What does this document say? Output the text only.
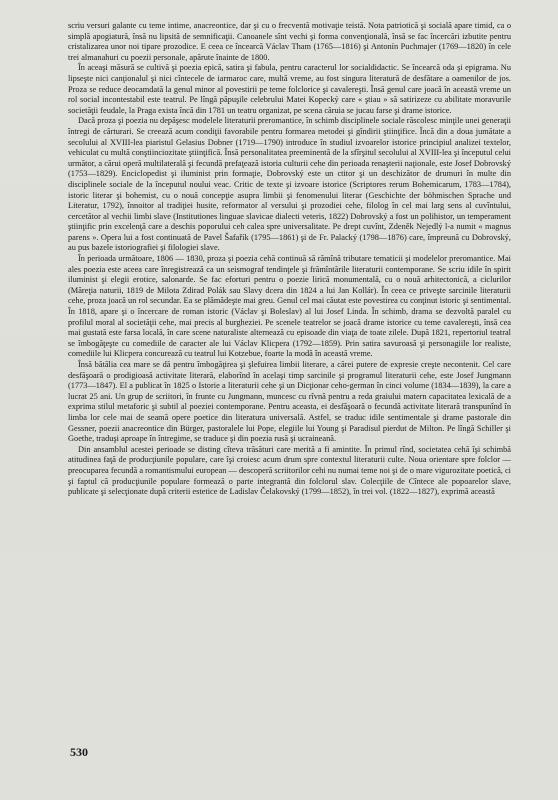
scriu versuri galante cu teme intime, anacreontice, dar şi cu o frecventă motivaţie teistă. Nota patriotică şi socială apare timid, ca o simplă apogiatură, însă nu lipsită de semnificaţii. Canoanele sînt vechi şi forma convenţională, însă se fac încercări izbutite pentru cristalizarea unor noi tipare prozodice. E ceea ce încearcă Václav Tham (1765—1816) şi Antonín Puchmajer (1769—1820) în cele trei almanahuri cu poezii personale, apărute înainte de 1800.

În aceaşi măsură se cultivă şi poezia epică, satira şi fabula, pentru caracterul lor socialdidactic. Se încearcă oda şi epigrama. Nu lipseşte nici canţionalul şi nici cîntecele de iarmaroc care, multă vreme, au fost singura literatură de desfătare a oamenilor de jos. Proza se reduce deocamdată la genul minor al povestirii pe teme folclorice şi cavalereşti. Însă genul care joacă în această vreme un rol social incontestabil este teatrul. Pe lîngă păpuşile celebrului Matei Kopecký care « ştiau » să satirizeze cu abilitate moravurile societăţii feudale, la Praga exista încă din 1781 un teatru organizat, pe scena căruia se jucau farse şi drame istorice.

Dacă proza şi poezia nu depăşesc modelele literaturii preromantice, în schimb disciplinele sociale răscolesc minţile unei generaţii întregi de cărturari. Se creează acum condiţii favorabile pentru formarea metodei şi gîndirii ştiinţifice. Încă din a doua jumătate a secolului al XVIII-lea piaristul Gelasius Dobner (1719—1790) introduce în studiul izvoarelor istorice principiul analizei textelor, vehiculat cu multă conştiinciozitate ştiinţifică. Însă personalitatea preeminentă de la sfîrşitul secolului al XVIII-lea şi începutul celui următor, a cărui operă multilaterală şi fecundă prefaţează istoria culturii cehe din perioada renaşterii naţionale, este Josef Dobrovský (1753—1829). Enciclopedist şi iluminist prin formaţie, Dobrovský este un ctitor şi un deschizător de drumuri în multe din disciplinele sociale de la începutul noului veac. Critic de texte şi izvoare istorice (Scriptores rerum Bohemicarum, 1783—1784), istoric literar şi bohemist, cu o nouă concepţie asupra limbii şi fenomenului literar (Geschichte der böhmischen Sprache und Literatur, 1792), înnoitor al tradiţiei husite, reformator al versului şi prozodiei cehe, filolog în cel mai larg sens al cuvîntului, cercetător al vechii limbi slave (Institutiones linguae slavicae dialecti veteris, 1822) Dobrovský a fost un polihistor, un temperament ştiinţific prin excelenţă care a deschis poporului ceh calea spre universalitate. Pe drept cuvînt, Zdeněk Nejedlý l-a numit « magnus parens ». Opera lui a fost continuată de Pavel Šafařík (1795—1861) şi de Fr. Palacký (1798—1876) care, împreună cu Dobrovský, au pus bazele istoriografiei şi filologiei slave.

În perioada următoare, 1806 — 1830, proza şi poezia cehă continuă să rămînă tributare tematicii şi modelelor preromantice. Mai ales poezia este aceea care înregistrează ca un seismograf tendinţele şi frămîntările literaturii contemporane. Se scriu idile în spirit iluminist şi elegii erotice, salonarde. Se fac eforturi pentru o poezie lirică monumentală, cu o nouă arhitectonică, a ciclurilor (Măreţia naturii, 1819 de Milota Zdirad Polák sau Slavy dcera din 1824 a lui Jan Kollár). În ceea ce priveşte sarcinile literaturii cehe, proza joacă un rol secundar. Ea se plămădeşte mai greu. Genul cel mai căutat este povestirea cu conţinut istoric şi sentimental. În 1818, apare şi o încercare de roman istoric (Václav şi Boleslav) al lui Josef Linda. În schimb, drama se dezvoltă paralel cu profilul moral al societăţii cehe, mai precis al burgheziei. Pe scenele teatrelor se joacă drame istorice cu teme cavalereşti, însă cea mai gustată este farsa locală, în care scene naturaliste alternează cu episoade din viaţa de toate zilele. După 1821, repertoriul teatral se îmbogăţeşte cu comediile de caracter ale lui Václav Klicpera (1792—1859). Prin satira savuroasă şi personagiile lor realiste, comediile lui Klicpera concurează cu teatrul lui Kotzebue, foarte la modă în această vreme.

Însă bătălia cea mare se dă pentru îmbogăţirea şi şlefuirea limbii literare, a cărei putere de expresie creşte necontenit. Cel care desfăşoară o prodigioasă activitate literară, elaborînd în acelaşi timp sarcinile şi programul literaturii cehe, este Josef Jungmann (1773—1847). El a publicat în 1825 o Istorie a literaturii cehe şi un Dicţionar ceho-german în cinci volume (1834—1839), la care a lucrat 25 ani. Un grup de scriitori, în frunte cu Jungmann, muncesc cu rîvnă pentru a reda graiului matern capacitatea lexicală de a exprima stilul metaforic şi subtil al poeziei contemporane. Pentru aceasta, ei desfăşoară o fecundă activitate literară transpunînd în limba lor cele mai de seamă opere poetice din literatura universală. Astfel, se traduc idile sentimentale şi drame pastorale din Gessner, poezii anacreontice din Bürger, pastoralele lui Pope, elegiile lui Young şi Paradisul pierdut de Milton. Pe lîngă Schiller şi Goethe, traduşi aproape în întregime, se traduce şi din poezia rusă şi ucraineană.

Din ansamblul acestei perioade se disting cîteva trăsături care merită a fi amintite. În primul rînd, societatea cehă îşi schimbă atitudinea faţă de producţiunile populare, care îşi croiesc acum drum spre contextul literaturii culte. Noua orientare spre folclor — preocuparea fecundă a romantismului european — descoperă scriitorilor cehi nu numai teme noi şi de o mare vigurozitate poetică, ci şi faptul că producţiunile populare formează o parte integrantă din folclorul slav. Colecţiile de Cîntece ale popoarelor slave, publicate şi selecţionate după criterii estetice de Ladislav Čelakovský (1799—1852), în trei vol. (1822—1827), exprimă această

530
